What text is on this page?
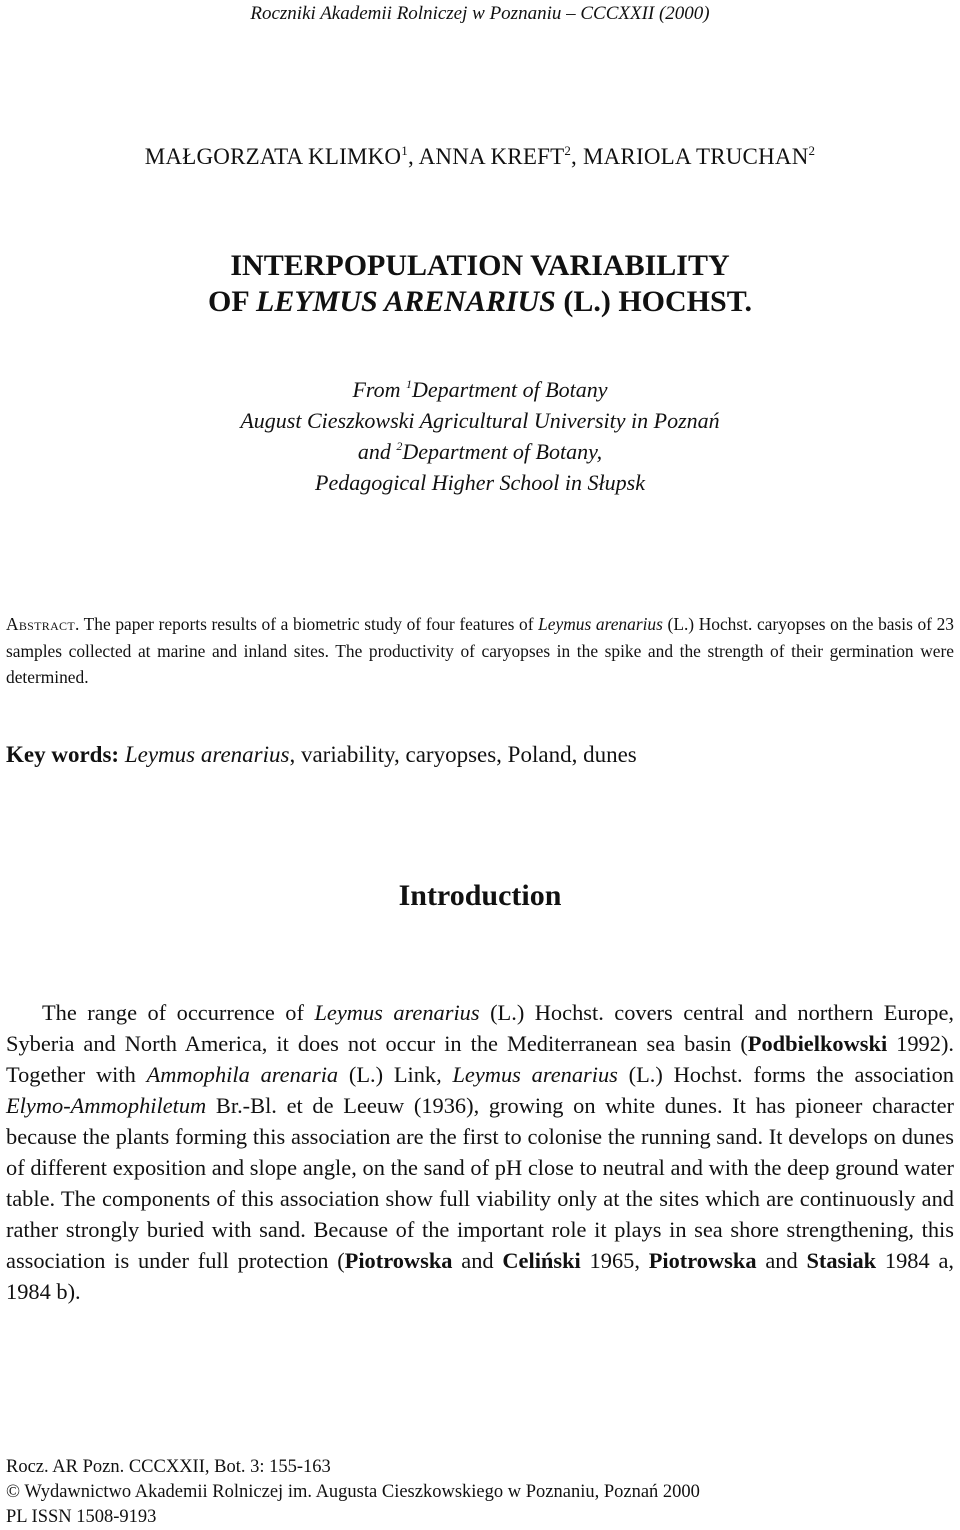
Roczniki Akademii Rolniczej w Poznaniu – CCCXXII (2000)
MAŁGORZATA KLIMKO$^1$, ANNA KREFT$^2$, MARIOLA TRUCHAN$^2$
INTERPOPULATION VARIABILITY
OF LEYMUS ARENARIUS (L.) HOCHST.
From $^1$Department of Botany
August Cieszkowski Agricultural University in Poznań
and $^2$Department of Botany,
Pedagogical Higher School in Słupsk
Abstract. The paper reports results of a biometric study of four features of Leymus arenarius (L.) Hochst. caryopses on the basis of 23 samples collected at marine and inland sites. The productivity of caryopses in the spike and the strength of their germination were determined.
Key words: Leymus arenarius, variability, caryopses, Poland, dunes
Introduction
The range of occurrence of Leymus arenarius (L.) Hochst. covers central and northern Europe, Syberia and North America, it does not occur in the Mediterranean sea basin (Podbielkowski 1992). Together with Ammophila arenaria (L.) Link, Leymus arenarius (L.) Hochst. forms the association Elymo-Ammophiletum Br.-Bl. et de Leeuw (1936), growing on white dunes. It has pioneer character because the plants forming this association are the first to colonise the running sand. It develops on dunes of different exposition and slope angle, on the sand of pH close to neutral and with the deep ground water table. The components of this association show full viability only at the sites which are continuously and rather strongly buried with sand. Because of the important role it plays in sea shore strengthening, this association is under full protection (Piotrowska and Celiński 1965, Piotrowska and Stasiak 1984 a, 1984 b).
Rocz. AR Pozn. CCCXXII, Bot. 3: 155-163
© Wydawnictwo Akademii Rolniczej im. Augusta Cieszkowskiego w Poznaniu, Poznań 2000
PL ISSN 1508-9193
